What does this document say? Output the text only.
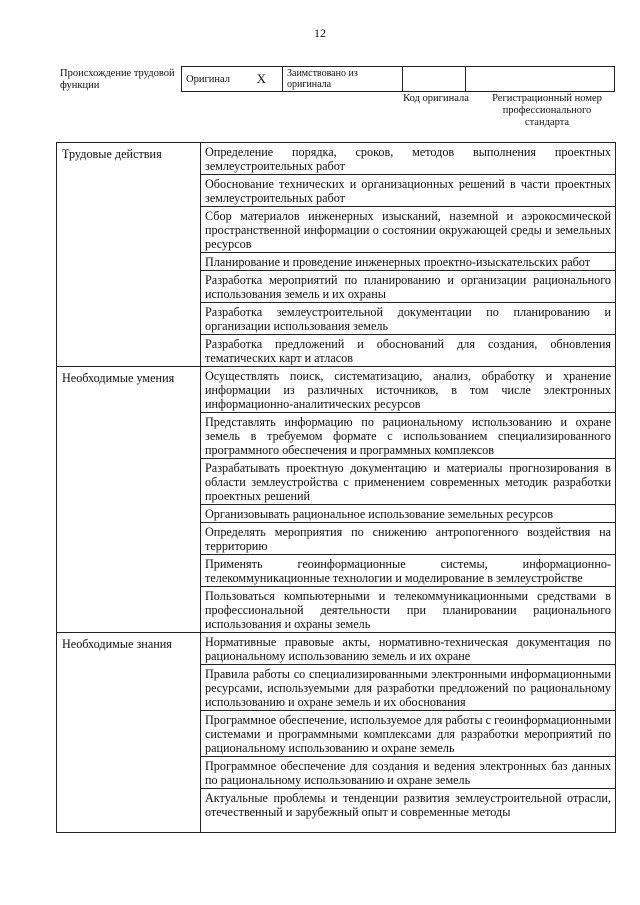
12
Происхождение трудовой функции
Оригинал X	Заимствовано из оригинала		
Код оригинала	Регистрационный номер профессионального стандарта
Трудовые действия	Определение порядка, сроков, методов выполнения проектных землеустроительных работ
	Обоснование технических и организационных решений в части проектных землеустроительных работ
	Сбор материалов инженерных изысканий, наземной и аэрокосмической пространственной информации о состоянии окружающей среды и земельных ресурсов
	Планирование и проведение инженерных проектно-изыскательских работ
	Разработка мероприятий по планированию и организации рационального использования земель и их охраны
	Разработка землеустроительной документации по планированию и организации использования земель
	Разработка предложений и обоснований для создания, обновления тематических карт и атласов
Необходимые умения	Осуществлять поиск, систематизацию, анализ, обработку и хранение информации из различных источников, в том числе электронных информационно-аналитических ресурсов
	Представлять информацию по рациональному использованию и охране земель в требуемом формате с использованием специализированного программного обеспечения и программных комплексов
	Разрабатывать проектную документацию и материалы прогнозирования в области землеустройства с применением современных методик разработки проектных решений
	Организовывать рациональное использование земельных ресурсов
	Определять мероприятия по снижению антропогенного воздействия на территорию
	Применять геоинформационные системы, информационно-телекоммуникационные технологии и моделирование в землеустройстве
	Пользоваться компьютерными и телекоммуникационными средствами в профессиональной деятельности при планировании рационального использования и охраны земель
Необходимые знания	Нормативные правовые акты, нормативно-техническая документация по рациональному использованию земель и их охране
	Правила работы со специализированными электронными информационными ресурсами, используемыми для разработки предложений по рациональному использованию и охране земель и их обоснования
	Программное обеспечение, используемое для работы с геоинформационными системами и программными комплексами для разработки мероприятий по рациональному использованию и охране земель
	Программное обеспечение для создания и ведения электронных баз данных по рациональному использованию и охране земель

	Актуальные проблемы и тенденции развития землеустроительной отрасли, отечественный и зарубежный опыт и современные методы
